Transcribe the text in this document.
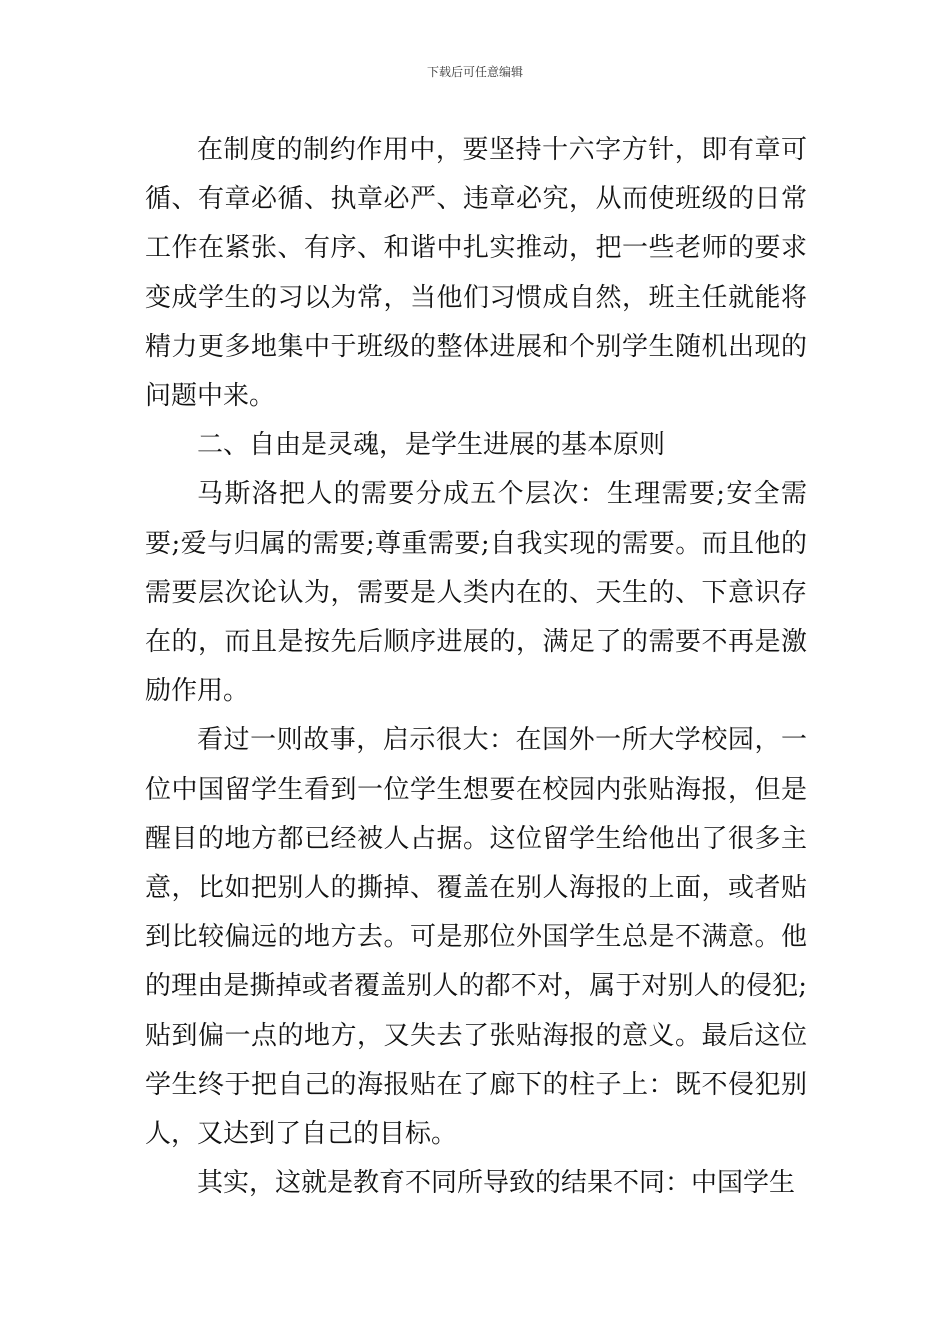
下载后可任意编辑

在制度的制约作用中，要坚持十六字方针，即有章可循、有章必循、执章必严、违章必究，从而使班级的日常工作在紧张、有序、和谐中扎实推动，把一些老师的要求变成学生的习以为常，当他们习惯成自然，班主任就能将精力更多地集中于班级的整体进展和个别学生随机出现的问题中来。

二、自由是灵魂，是学生进展的基本原则

马斯洛把人的需要分成五个层次：生理需要;安全需要;爱与归属的需要;尊重需要;自我实现的需要。而且他的需要层次论认为，需要是人类内在的、天生的、下意识存在的，而且是按先后顺序进展的，满足了的需要不再是激励作用。

看过一则故事，启示很大：在国外一所大学校园，一位中国留学生看到一位学生想要在校园内张贴海报，但是醒目的地方都已经被人占据。这位留学生给他出了很多主意，比如把别人的撕掉、覆盖在别人海报的上面，或者贴到比较偏远的地方去。可是那位外国学生总是不满意。他的理由是撕掉或者覆盖别人的都不对，属于对别人的侵犯;贴到偏一点的地方，又失去了张贴海报的意义。最后这位学生终于把自己的海报贴在了廊下的柱子上：既不侵犯别人，又达到了自己的目标。

其实，这就是教育不同所导致的结果不同：中国学生
